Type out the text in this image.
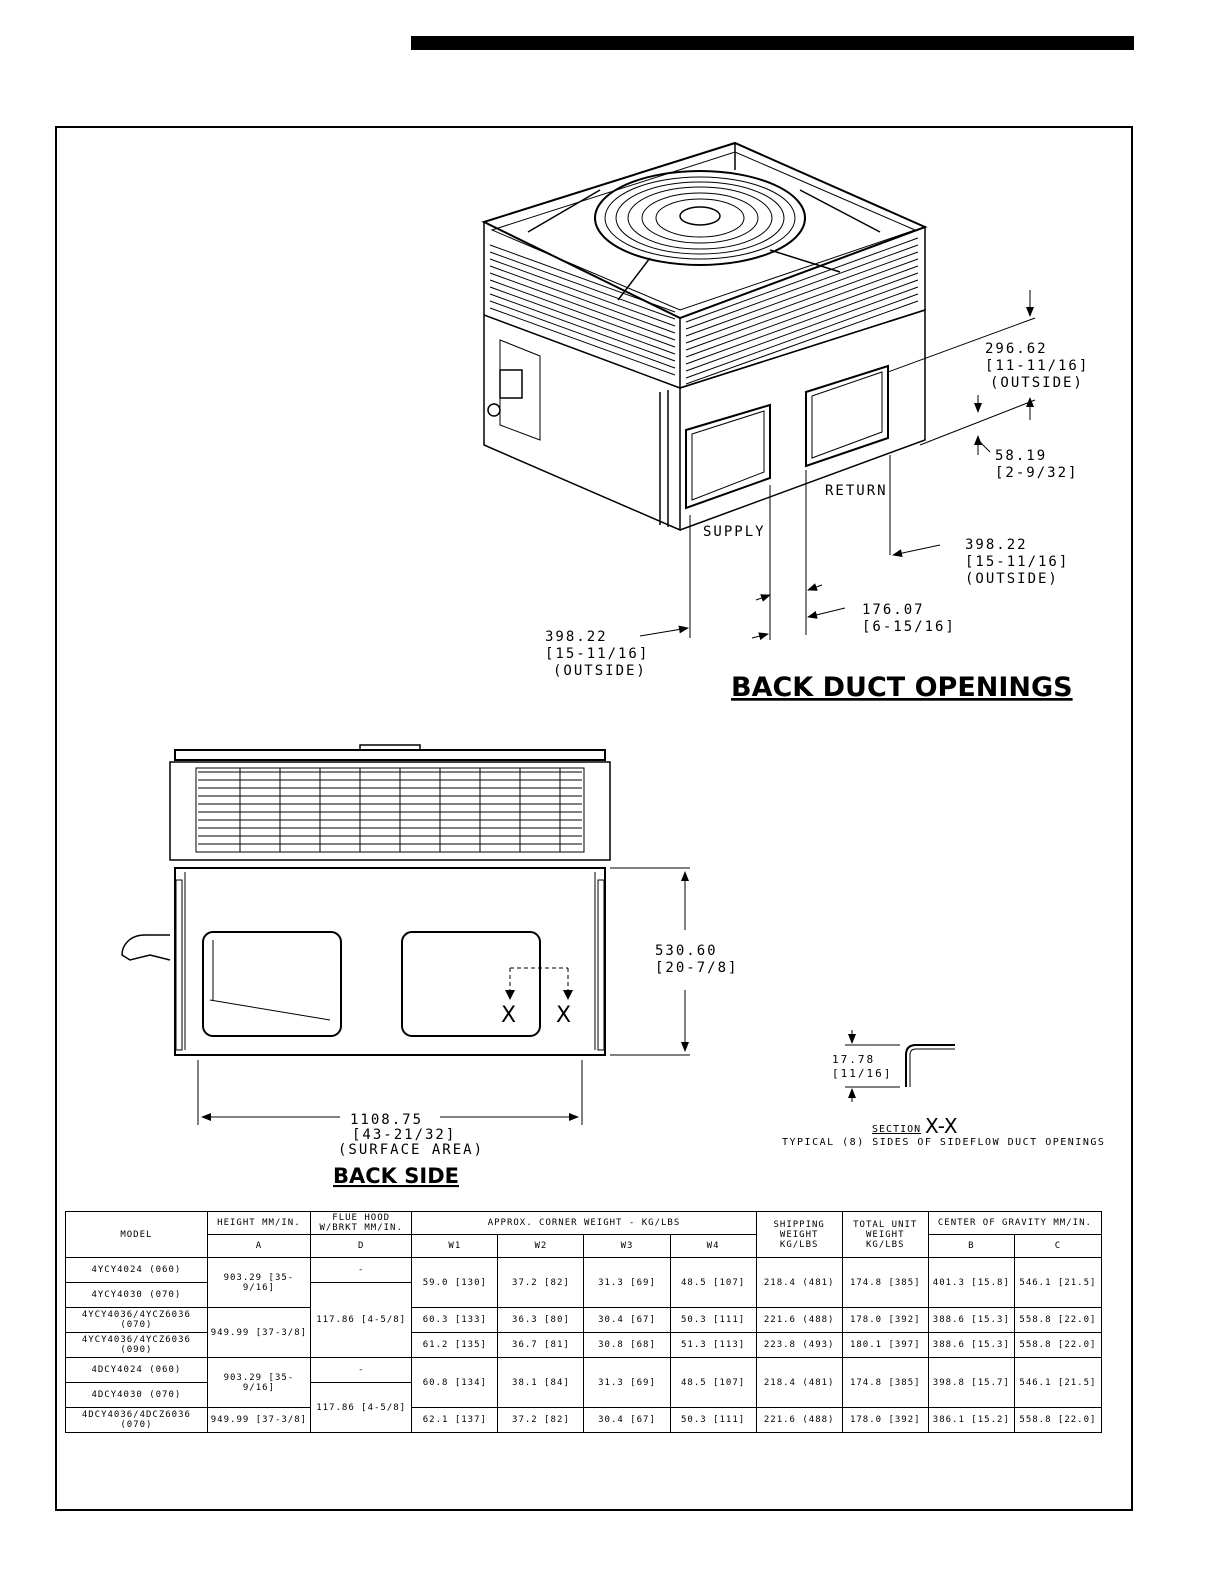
296.62
[11-11/16]
(OUTSIDE)
58.19
[2-9/32]
RETURN
SUPPLY
398.22
[15-11/16]
(OUTSIDE)
176.07
[6-15/16]
398.22
[15-11/16]
(OUTSIDE)
BACK DUCT OPENINGS
X X
530.60
[20-7/8]
1108.75
[43-21/32]
(SURFACE AREA)
BACK SIDE
17.78
[11/16]
SECTION X-X
TYPICAL (8) SIDES OF SIDEFLOW DUCT OPENINGS
MODEL	HEIGHT MM/IN.	FLUE HOOD W/BRKT MM/IN.	APPROX. CORNER WEIGHT - KG/LBS				SHIPPING WEIGHT KG/LBS	TOTAL UNIT WEIGHT KG/LBS	CENTER OF GRAVITY MM/IN.	
	A	D	W1	W2	W3	W4			B	C
4YCY4024 (060)	903.29 [35-9/16]	-	59.0 [130]	37.2 [82]	31.3 [69]	48.5 [107]	218.4 (481)	174.8 [385]	401.3 [15.8]	546.1 [21.5]
4YCY4030 (070)		117.86 [4-5/8]								
4YCY4036/4YCZ6036 (070)	949.99 [37-3/8]		60.3 [133]	36.3 [80]	30.4 [67]	50.3 [111]	221.6 (488)	178.0 [392]	388.6 [15.3]	558.8 [22.0]
4YCY4036/4YCZ6036 (090)			61.2 [135]	36.7 [81]	30.8 [68]	51.3 [113]	223.8 (493)	180.1 [397]	388.6 [15.3]	558.8 [22.0]
4DCY4024 (060)	903.29 [35-9/16]	-	60.8 [134]	38.1 [84]	31.3 [69]	48.5 [107]	218.4 (481)	174.8 [385]	398.8 [15.7]	546.1 [21.5]
4DCY4030 (070)		117.86 [4-5/8]								
4DCY4036/4DCZ6036 (070)	949.99 [37-3/8]		62.1 [137]	37.2 [82]	30.4 [67]	50.3 [111]	221.6 (488)	178.0 [392]	386.1 [15.2]	558.8 [22.0]
